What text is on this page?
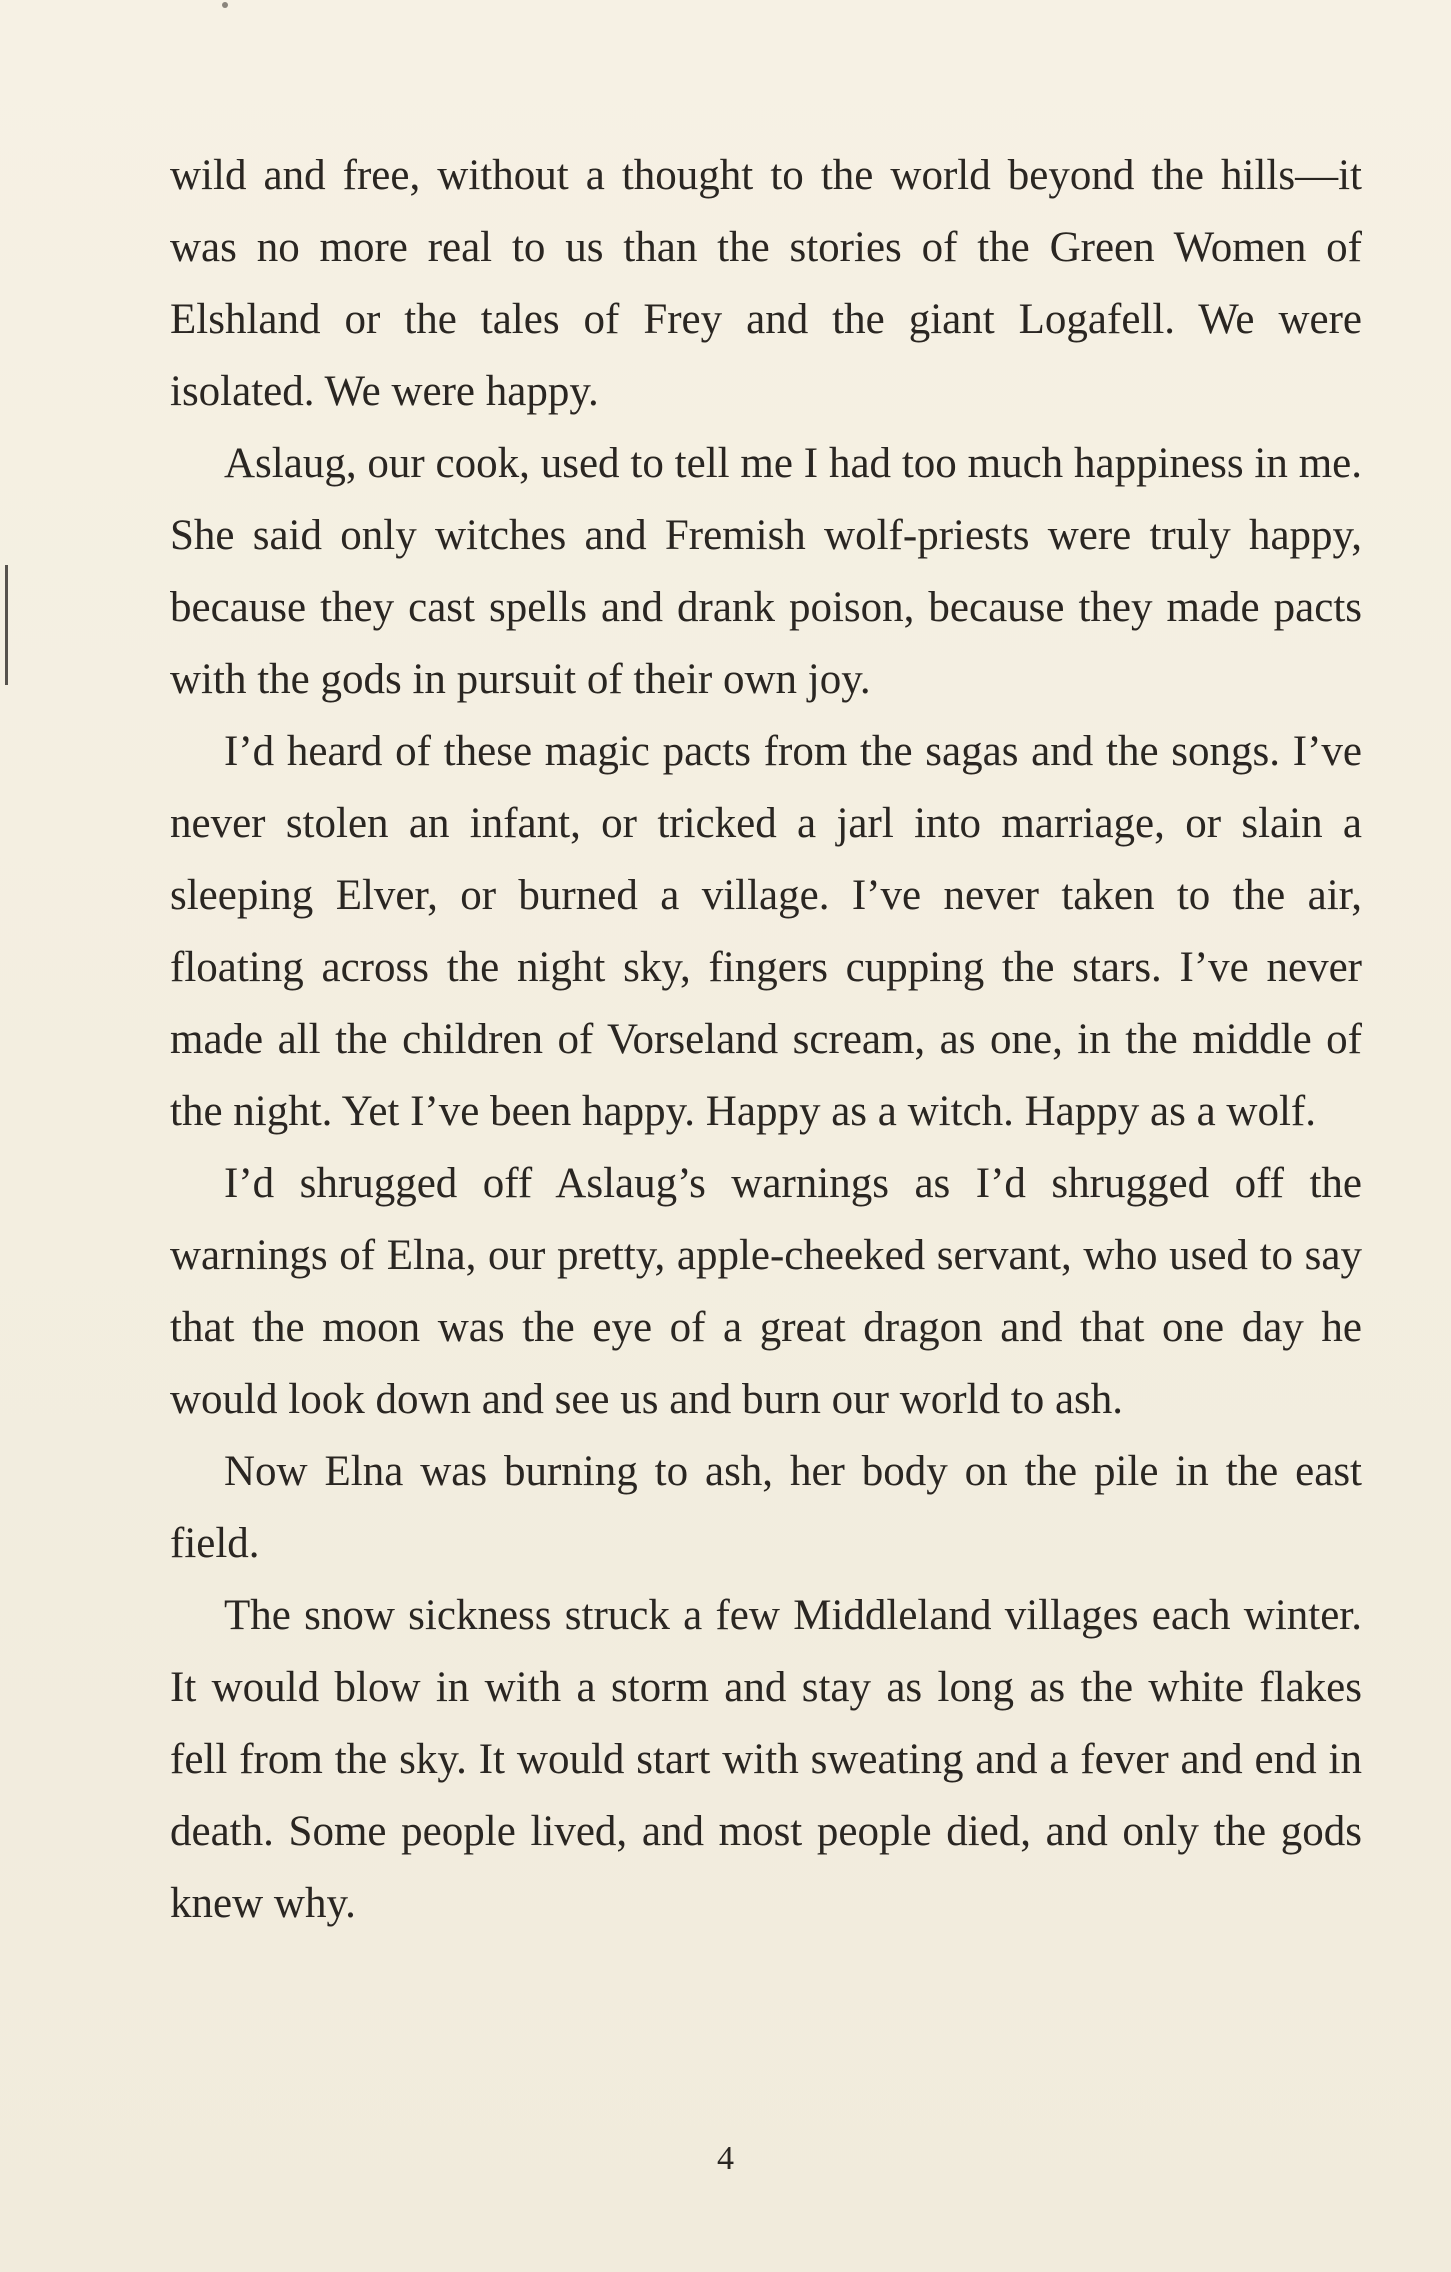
wild and free, without a thought to the world beyond the hills—it was no more real to us than the stories of the Green Women of Elshland or the tales of Frey and the giant Logafell. We were isolated. We were happy.

Aslaug, our cook, used to tell me I had too much happiness in me. She said only witches and Fremish wolf-priests were truly happy, because they cast spells and drank poison, because they made pacts with the gods in pursuit of their own joy.

I’d heard of these magic pacts from the sagas and the songs. I’ve never stolen an infant, or tricked a jarl into marriage, or slain a sleeping Elver, or burned a village. I’ve never taken to the air, floating across the night sky, fingers cupping the stars. I’ve never made all the children of Vorseland scream, as one, in the middle of the night. Yet I’ve been happy. Happy as a witch. Happy as a wolf.

I’d shrugged off Aslaug’s warnings as I’d shrugged off the warnings of Elna, our pretty, apple-cheeked servant, who used to say that the moon was the eye of a great dragon and that one day he would look down and see us and burn our world to ash.

Now Elna was burning to ash, her body on the pile in the east field.

The snow sickness struck a few Middleland villages each winter. It would blow in with a storm and stay as long as the white flakes fell from the sky. It would start with sweating and a fever and end in death. Some people lived, and most people died, and only the gods knew why.

4
